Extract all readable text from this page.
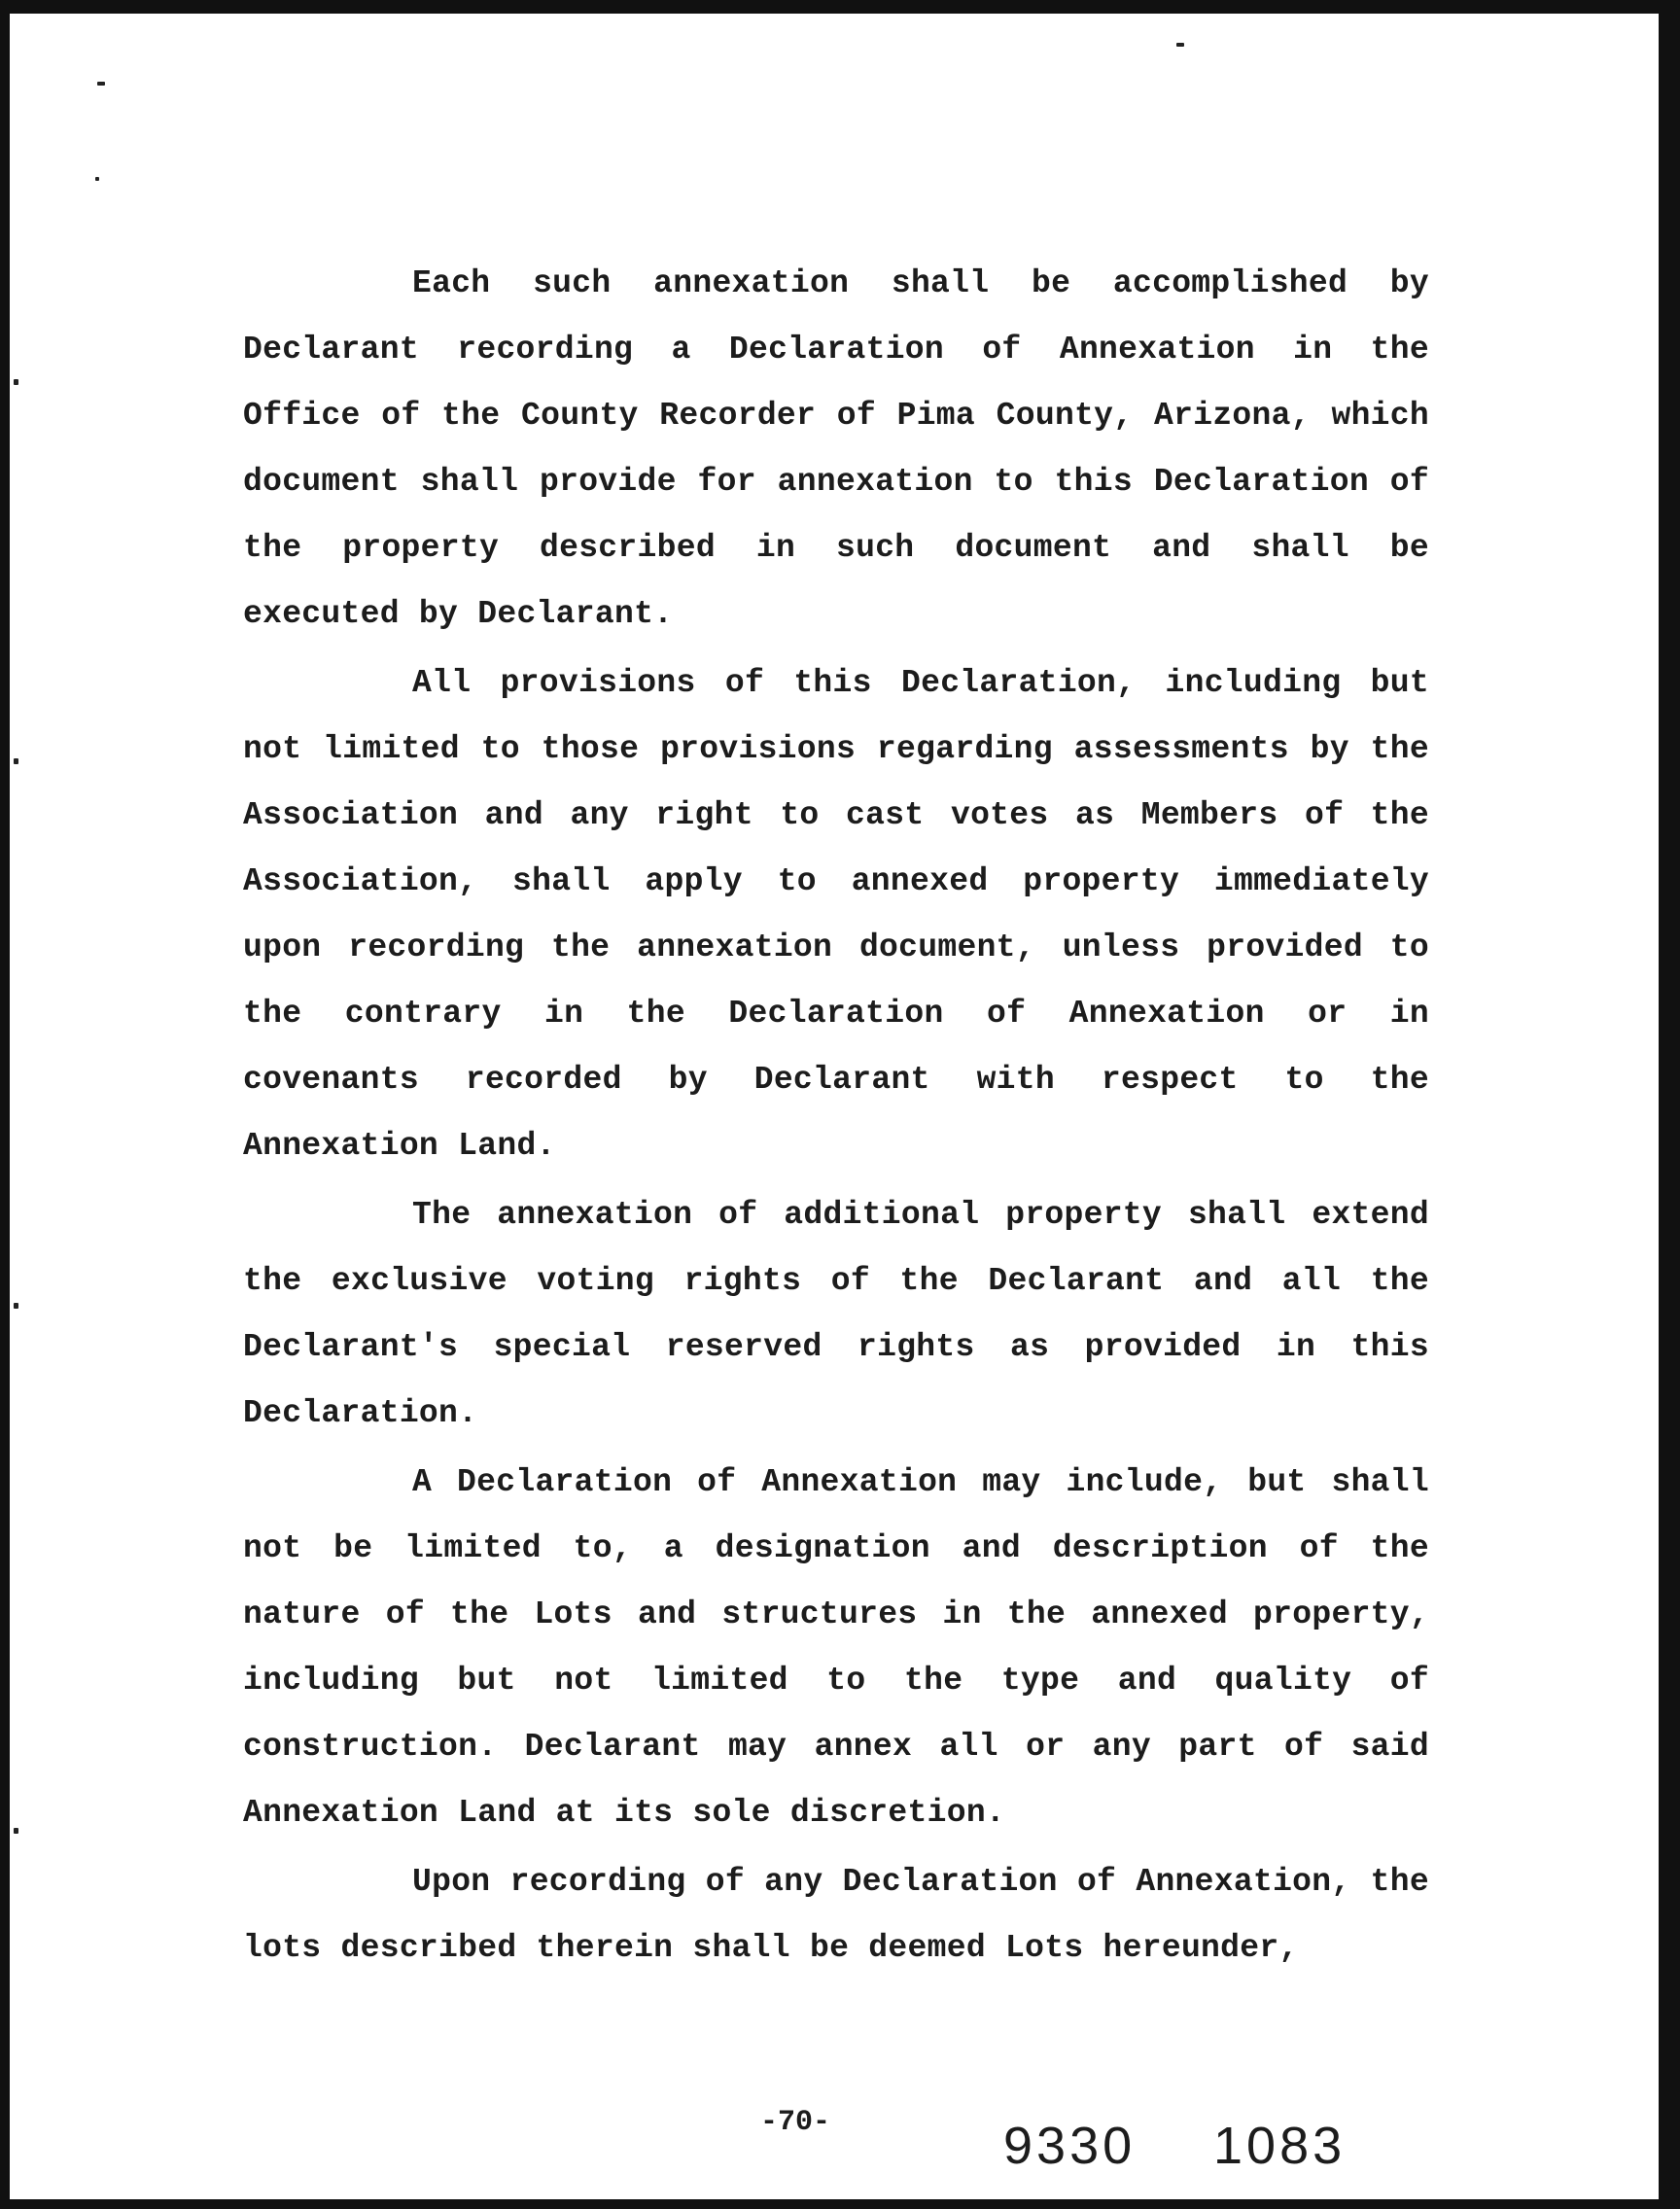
Each such annexation shall be accomplished by Declarant recording a Declaration of Annexation in the Office of the County Recorder of Pima County, Arizona, which document shall provide for annexation to this Declaration of the property described in such document and shall be executed by Declarant.

All provisions of this Declaration, including but not limited to those provisions regarding assessments by the Association and any right to cast votes as Members of the Association, shall apply to annexed property immediately upon recording the annexation document, unless provided to the contrary in the Declaration of Annexation or in covenants recorded by Declarant with respect to the Annexation Land.

The annexation of additional property shall extend the exclusive voting rights of the Declarant and all the Declarant's special reserved rights as provided in this Declaration.

A Declaration of Annexation may include, but shall not be limited to, a designation and description of the nature of the Lots and structures in the annexed property, including but not limited to the type and quality of construction. Declarant may annex all or any part of said Annexation Land at its sole discretion.

Upon recording of any Declaration of Annexation, the lots described therein shall be deemed Lots hereunder,

-70-	9330 1083
